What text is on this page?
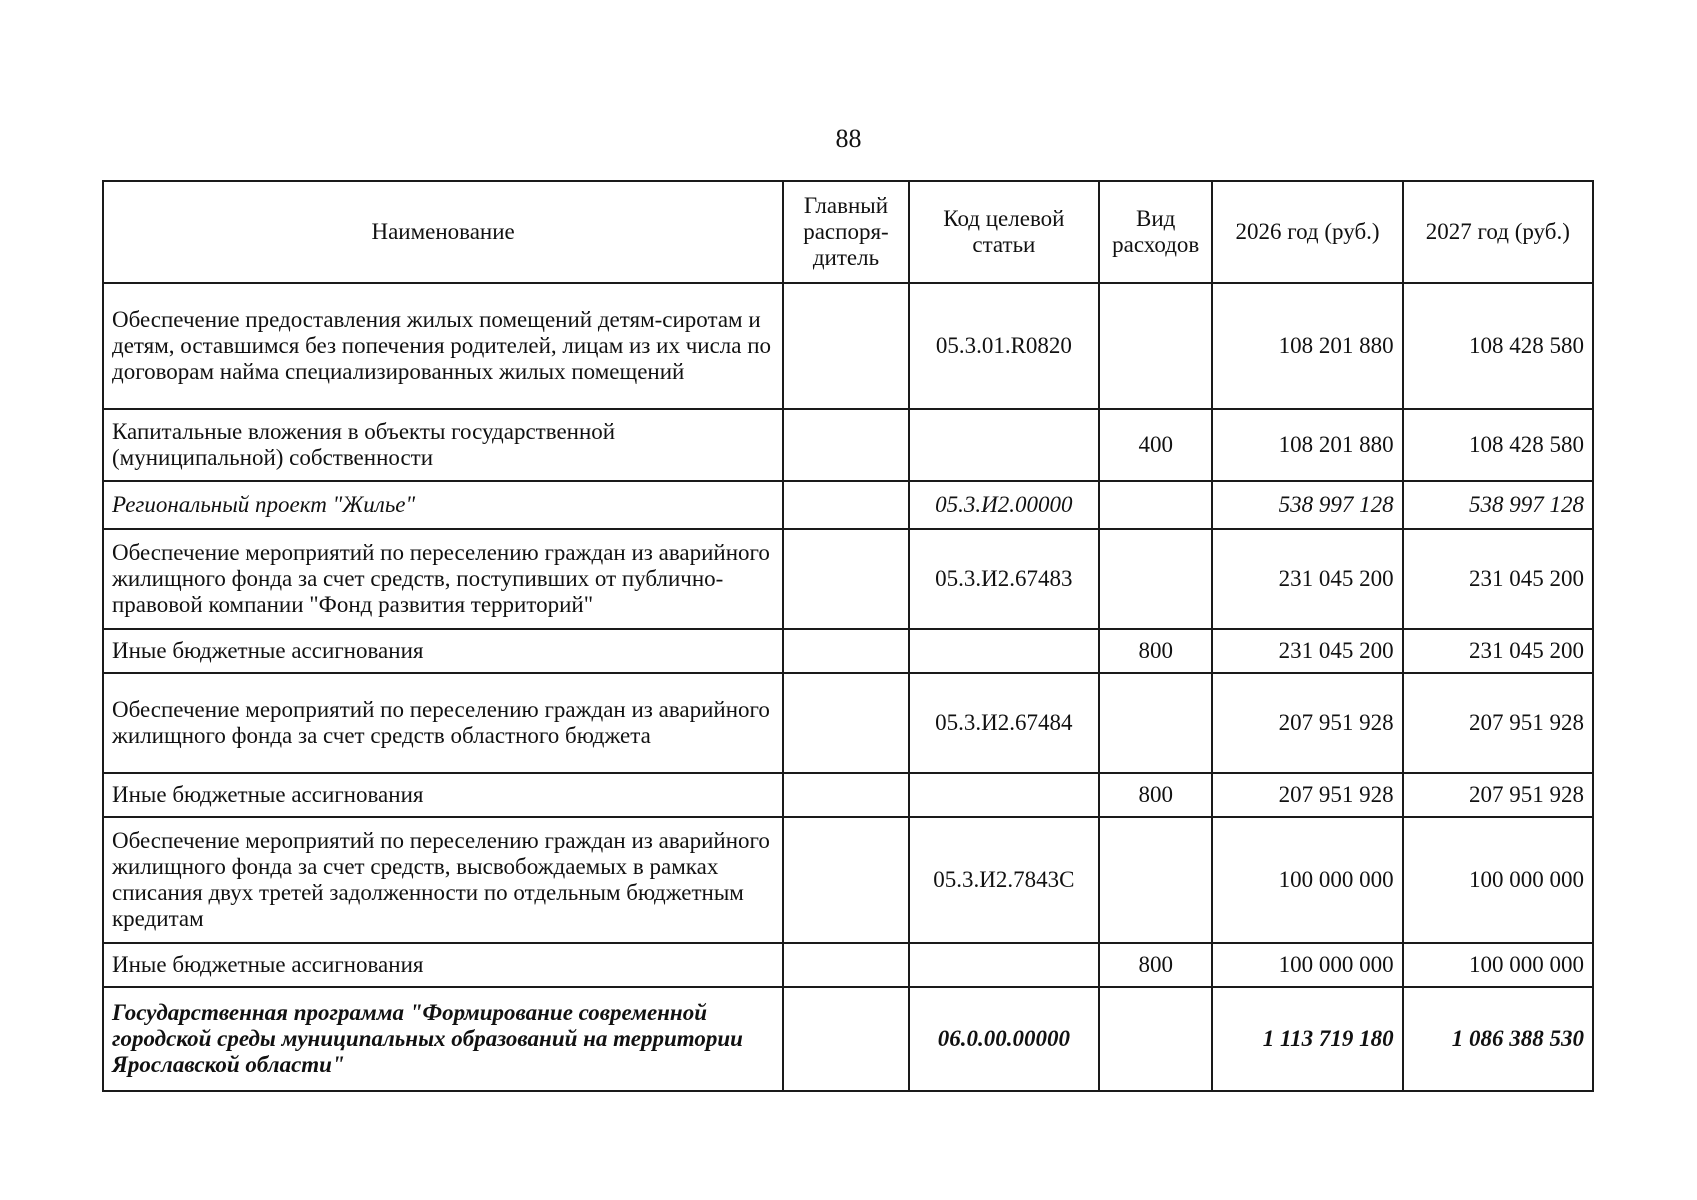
88
Наименование	Главный распоря-дитель	Код целевой статьи	Вид расходов	2026 год (руб.)	2027 год (руб.)
Обеспечение предоставления жилых помещений детям-сиротам и детям, оставшимся без попечения родителей, лицам из их числа по договорам найма специализированных жилых помещений		05.3.01.R0820		108 201 880	108 428 580
Капитальные вложения в объекты государственной (муниципальной) собственности			400	108 201 880	108 428 580
Региональный проект "Жилье"		05.3.И2.00000		538 997 128	538 997 128
Обеспечение мероприятий по переселению граждан из аварийного жилищного фонда за счет средств, поступивших от публично-правовой компании "Фонд развития территорий"		05.3.И2.67483		231 045 200	231 045 200
Иные бюджетные ассигнования			800	231 045 200	231 045 200
Обеспечение мероприятий по переселению граждан из аварийного жилищного фонда за счет средств областного бюджета		05.3.И2.67484		207 951 928	207 951 928
Иные бюджетные ассигнования			800	207 951 928	207 951 928
Обеспечение мероприятий по переселению граждан из аварийного жилищного фонда за счет средств, высвобождаемых в рамках списания двух третей задолженности по отдельным бюджетным кредитам		05.3.И2.7843С		100 000 000	100 000 000
Иные бюджетные ассигнования			800	100 000 000	100 000 000
Государственная программа "Формирование современной городской среды муниципальных образований на территории Ярославской области"		06.0.00.00000		1 113 719 180	1 086 388 530
